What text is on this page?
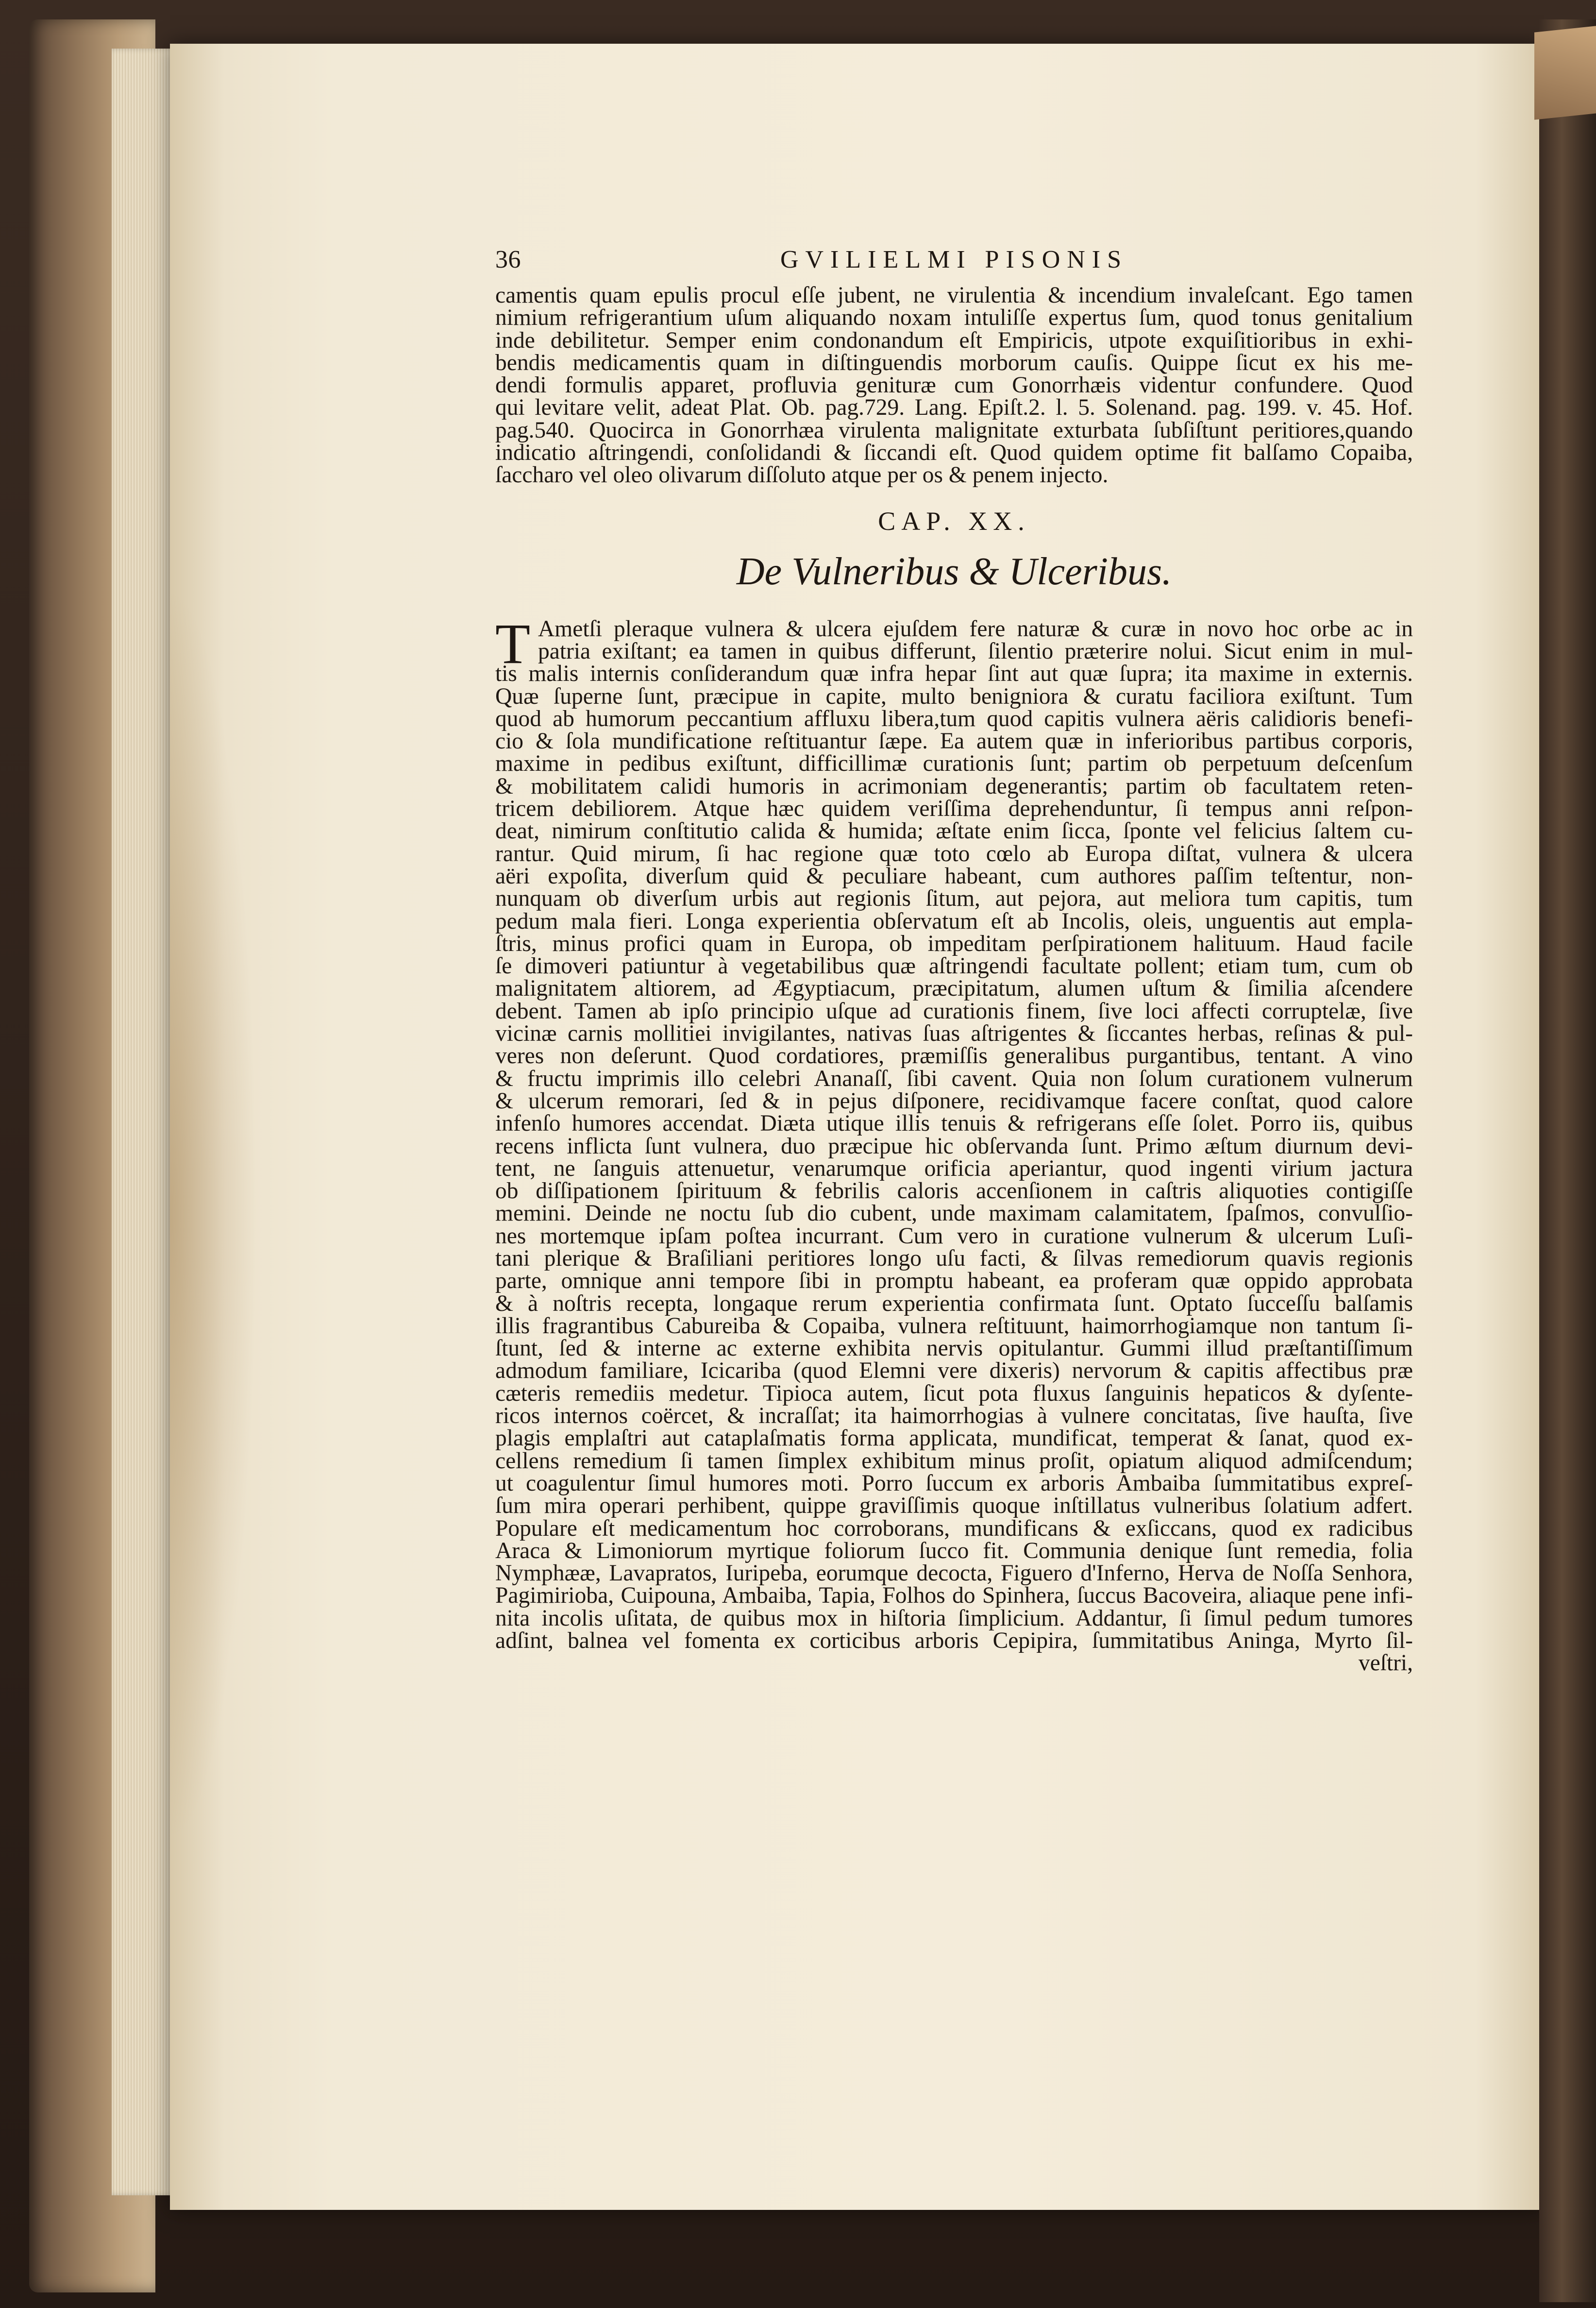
36	GVILIELMI PISONIS
camentis quam epulis procul eſſe jubent, ne virulentia & incendium invaleſcant. Ego tamen
nimium refrigerantium uſum aliquando noxam intuliſſe expertus ſum, quod tonus genitalium
inde debilitetur. Semper enim condonandum eſt Empiricis, utpote exquiſitioribus in exhi-
bendis medicamentis quam in diſtinguendis morborum cauſis. Quippe ſicut ex his me-
dendi formulis apparet, profluvia genituræ cum Gonorrhæis videntur confundere. Quod
qui levitare velit, adeat Plat. Ob. pag.729. Lang. Epiſt.2. l. 5. Solenand. pag. 199. v. 45. Hof.
pag.540. Quocirca in Gonorrhæa virulenta malignitate exturbata ſubſiſtunt peritiores,quando
indicatio aſtringendi, conſolidandi & ſiccandi eſt. Quod quidem optime fit balſamo Copaiba,
ſaccharo vel oleo olivarum diſſoluto atque per os & penem injecto.
CAP. XX.
De Vulneribus & Ulceribus.
T Ametſi pleraque vulnera & ulcera ejuſdem fere naturæ & curæ in novo hoc orbe ac in
patria exiſtant; ea tamen in quibus differunt, ſilentio præterire nolui. Sicut enim in mul-
tis malis internis conſiderandum quæ infra hepar ſint aut quæ ſupra; ita maxime in externis.
Quæ ſuperne ſunt, præcipue in capite, multo benigniora & curatu faciliora exiſtunt. Tum
quod ab humorum peccantium affluxu libera,tum quod capitis vulnera aëris calidioris benefi-
cio & ſola mundificatione reſtituantur ſæpe. Ea autem quæ in inferioribus partibus corporis,
maxime in pedibus exiſtunt, difficillimæ curationis ſunt; partim ob perpetuum deſcenſum
& mobilitatem calidi humoris in acrimoniam degenerantis; partim ob facultatem reten-
tricem debiliorem. Atque hæc quidem veriſſima deprehenduntur, ſi tempus anni reſpon-
deat, nimirum conſtitutio calida & humida; æſtate enim ſicca, ſponte vel felicius ſaltem cu-
rantur. Quid mirum, ſi hac regione quæ toto cœlo ab Europa diſtat, vulnera & ulcera
aëri expoſita, diverſum quid & peculiare habeant, cum authores paſſim teſtentur, non-
nunquam ob diverſum urbis aut regionis ſitum, aut pejora, aut meliora tum capitis, tum
pedum mala fieri. Longa experientia obſervatum eſt ab Incolis, oleis, unguentis aut empla-
ſtris, minus profici quam in Europa, ob impeditam perſpirationem halituum. Haud facile
ſe dimoveri patiuntur à vegetabilibus quæ aſtringendi facultate pollent; etiam tum, cum ob
malignitatem altiorem, ad Ægyptiacum, præcipitatum, alumen uſtum & ſimilia aſcendere
debent. Tamen ab ipſo principio uſque ad curationis finem, ſive loci affecti corruptelæ, ſive
vicinæ carnis mollitiei invigilantes, nativas ſuas aſtrigentes & ſiccantes herbas, reſinas & pul-
veres non deſerunt. Quod cordatiores, præmiſſis generalibus purgantibus, tentant. A vino
& fructu imprimis illo celebri Ananaſſ, ſibi cavent. Quia non ſolum curationem vulnerum
& ulcerum remorari, ſed & in pejus diſponere, recidivamque facere conſtat, quod calore
infenſo humores accendat. Diæta utique illis tenuis & refrigerans eſſe ſolet. Porro iis, quibus
recens inflicta ſunt vulnera, duo præcipue hic obſervanda ſunt. Primo æſtum diurnum devi-
tent, ne ſanguis attenuetur, venarumque orificia aperiantur, quod ingenti virium jactura
ob diſſipationem ſpirituum & febrilis caloris accenſionem in caſtris aliquoties contigiſſe
memini. Deinde ne noctu ſub dio cubent, unde maximam calamitatem, ſpaſmos, convulſio-
nes mortemque ipſam poſtea incurrant. Cum vero in curatione vulnerum & ulcerum Luſi-
tani plerique & Braſiliani peritiores longo uſu facti, & ſilvas remediorum quavis regionis
parte, omnique anni tempore ſibi in promptu habeant, ea proferam quæ oppido approbata
& à noſtris recepta, longaque rerum experientia confirmata ſunt. Optato ſucceſſu balſamis
illis fragrantibus Cabureiba & Copaiba, vulnera reſtituunt, haimorrhogiamque non tantum ſi-
ſtunt, ſed & interne ac externe exhibita nervis opitulantur. Gummi illud præſtantiſſimum
admodum familiare, Icicariba (quod Elemni vere dixeris) nervorum & capitis affectibus præ
cæteris remediis medetur. Tipioca autem, ſicut pota fluxus ſanguinis hepaticos & dyſente-
ricos internos coërcet, & incraſſat; ita haimorrhogias à vulnere concitatas, ſive hauſta, ſive
plagis emplaſtri aut cataplaſmatis forma applicata, mundificat, temperat & ſanat, quod ex-
cellens remedium ſi tamen ſimplex exhibitum minus proſit, opiatum aliquod admiſcendum;
ut coagulentur ſimul humores moti. Porro ſuccum ex arboris Ambaiba ſummitatibus expreſ-
ſum mira operari perhibent, quippe graviſſimis quoque inſtillatus vulneribus ſolatium adfert.
Populare eſt medicamentum hoc corroborans, mundificans & exſiccans, quod ex radicibus
Araca & Limoniorum myrtique foliorum ſucco fit. Communia denique ſunt remedia, folia
Nymphææ, Lavapratos, Iuripeba, eorumque decocta, Figuero d'Inferno, Herva de Noſſa Senhora,
Pagimirioba, Cuipouna, Ambaiba, Tapia, Folhos do Spinhera, ſuccus Bacoveira, aliaque pene infi-
nita incolis uſitata, de quibus mox in hiſtoria ſimplicium. Addantur, ſi ſimul pedum tumores
adſint, balnea vel fomenta ex corticibus arboris Cepipira, ſummitatibus Aninga, Myrto ſil-
veſtri,
